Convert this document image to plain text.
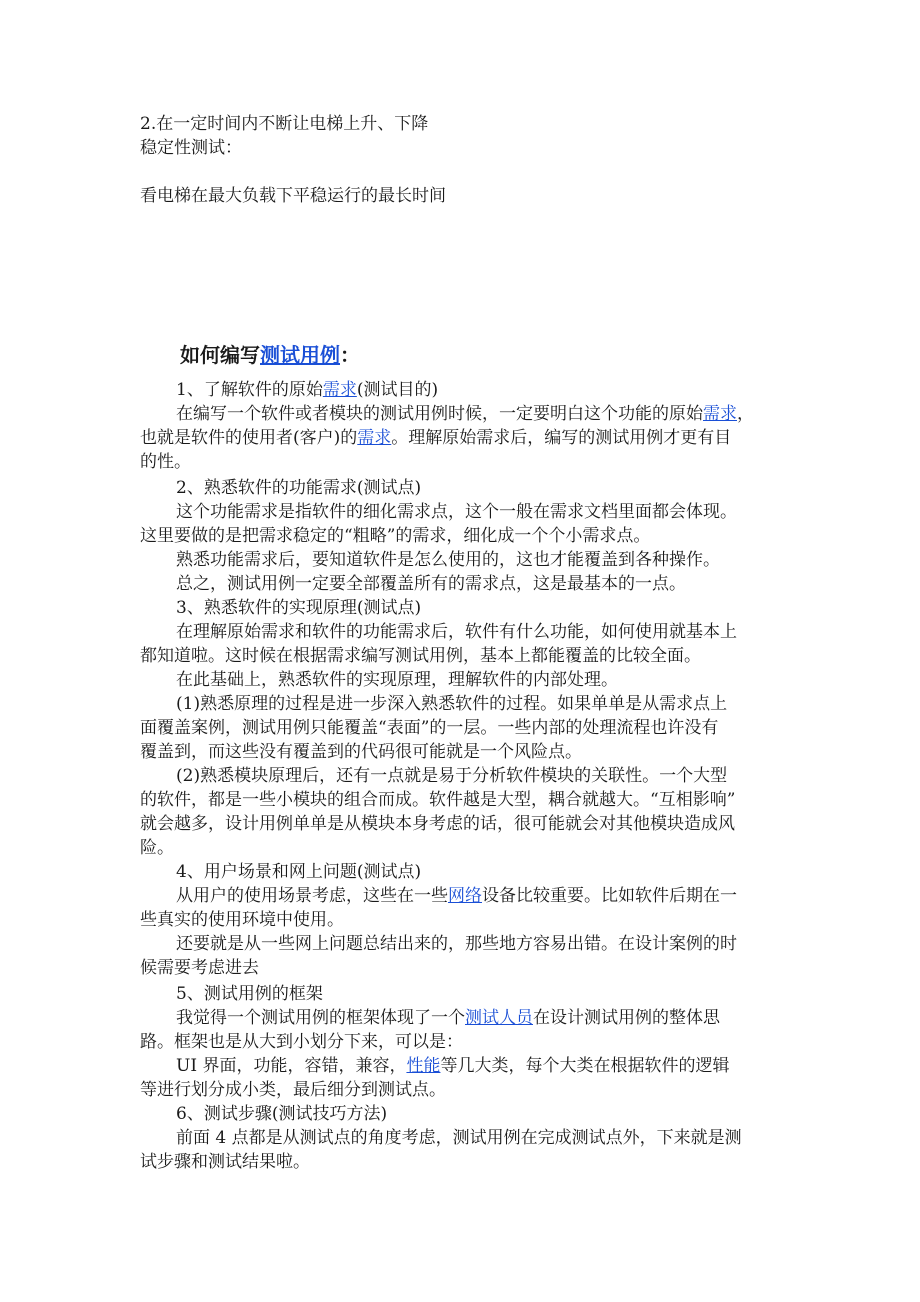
2.在一定时间内不断让电梯上升、下降
稳定性测试：
看电梯在最大负载下平稳运行的最长时间
如何编写测试用例：
1、了解软件的原始需求(测试目的)
在编写一个软件或者模块的测试用例时候，一定要明白这个功能的原始需求，
也就是软件的使用者(客户)的需求。理解原始需求后，编写的测试用例才更有目
的性。
2、熟悉软件的功能需求(测试点)
这个功能需求是指软件的细化需求点，这个一般在需求文档里面都会体现。
这里要做的是把需求稳定的“粗略”的需求，细化成一个个小需求点。
熟悉功能需求后，要知道软件是怎么使用的，这也才能覆盖到各种操作。
总之，测试用例一定要全部覆盖所有的需求点，这是最基本的一点。
3、熟悉软件的实现原理(测试点)
在理解原始需求和软件的功能需求后，软件有什么功能，如何使用就基本上
都知道啦。这时候在根据需求编写测试用例，基本上都能覆盖的比较全面。
在此基础上，熟悉软件的实现原理，理解软件的内部处理。
(1)熟悉原理的过程是进一步深入熟悉软件的过程。如果单单是从需求点上
面覆盖案例，测试用例只能覆盖“表面”的一层。一些内部的处理流程也许没有
覆盖到，而这些没有覆盖到的代码很可能就是一个风险点。
(2)熟悉模块原理后，还有一点就是易于分析软件模块的关联性。一个大型
的软件，都是一些小模块的组合而成。软件越是大型，耦合就越大。“互相影响”
就会越多，设计用例单单是从模块本身考虑的话，很可能就会对其他模块造成风
险。
4、用户场景和网上问题(测试点)
从用户的使用场景考虑，这些在一些网络设备比较重要。比如软件后期在一
些真实的使用环境中使用。
还要就是从一些网上问题总结出来的，那些地方容易出错。在设计案例的时
候需要考虑进去
5、测试用例的框架
我觉得一个测试用例的框架体现了一个测试人员在设计测试用例的整体思
路。框架也是从大到小划分下来，可以是：
UI 界面，功能，容错，兼容，性能等几大类，每个大类在根据软件的逻辑
等进行划分成小类，最后细分到测试点。
6、测试步骤(测试技巧方法)
前面 4 点都是从测试点的角度考虑，测试用例在完成测试点外，下来就是测
试步骤和测试结果啦。
